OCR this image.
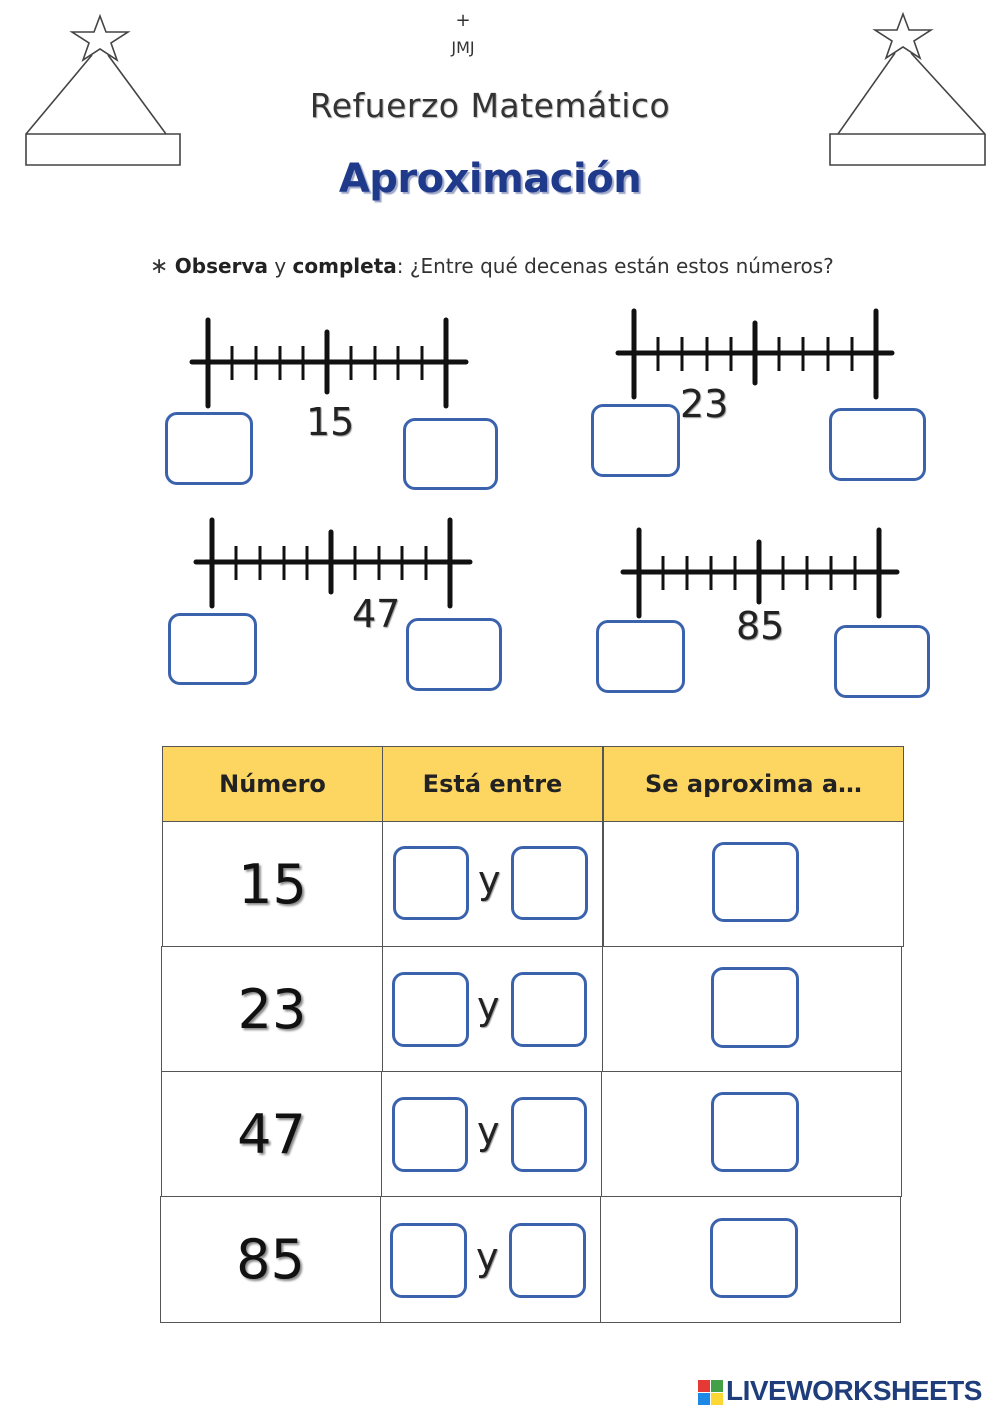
+
JMJ
Refuerzo Matemático
Aproximación
∗ Observa y completa: ¿Entre qué decenas están estos números?
15	23
47	85
Número	Está entre	Se aproxima a…
15	y
23	y
47	y
85	y
LIVEWORKSHEETS
